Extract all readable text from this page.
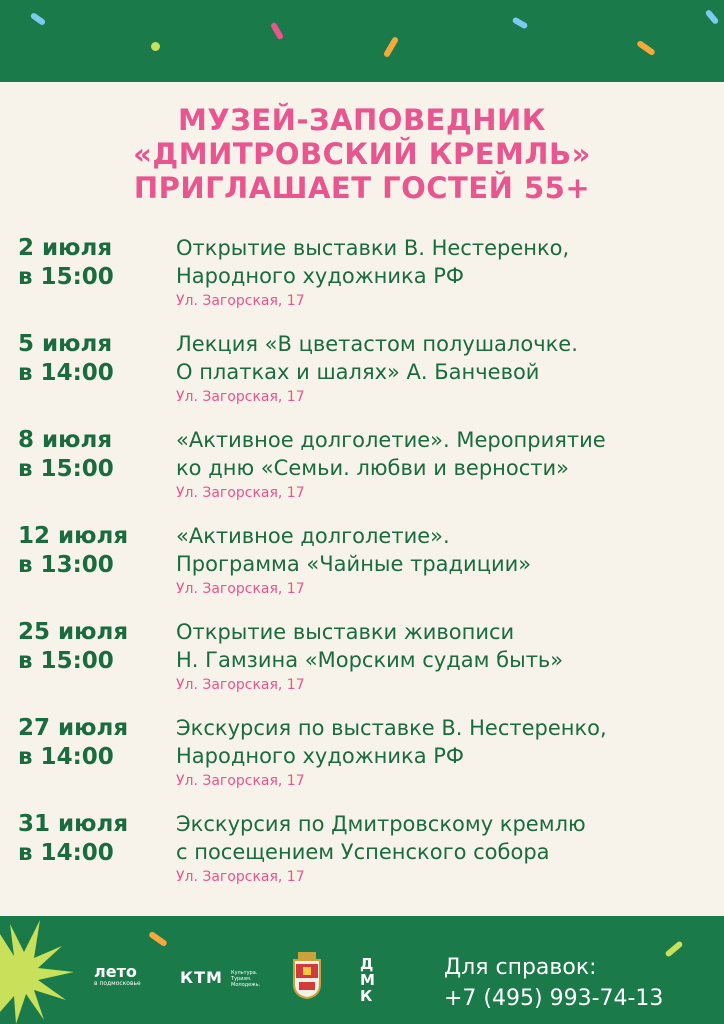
МУЗЕЙ-ЗАПОВЕДНИК
«ДМИТРОВСКИЙ КРЕМЛЬ»
ПРИГЛАШАЕТ ГОСТЕЙ 55+
2 июля
в 15:00
Открытие выставки В. Нестеренко,
Народного художника РФ
Ул. Загорская, 17
5 июля
в 14:00
Лекция «В цветастом полушалочке.
О платках и шалях» А. Банчевой
Ул. Загорская, 17
8 июля
в 15:00
«Активное долголетие». Мероприятие
ко дню «Семьи. любви и верности»
Ул. Загорская, 17
12 июля
в 13:00
«Активное долголетие».
Программа «Чайные традиции»
Ул. Загорская, 17
25 июля
в 15:00
Открытие выставки живописи
Н. Гамзина «Морским судам быть»
Ул. Загорская, 17
27 июля
в 14:00
Экскурсия по выставке В. Нестеренко,
Народного художника РФ
Ул. Загорская, 17
31 июля
в 14:00
Экскурсия по Дмитровскому кремлю
с посещением Успенского собора
Ул. Загорская, 17
лето
в подмосковье КТМ Культура. Туризм. Молодежь.
ДМК
Для справок:
+7 (495) 993-74-13
